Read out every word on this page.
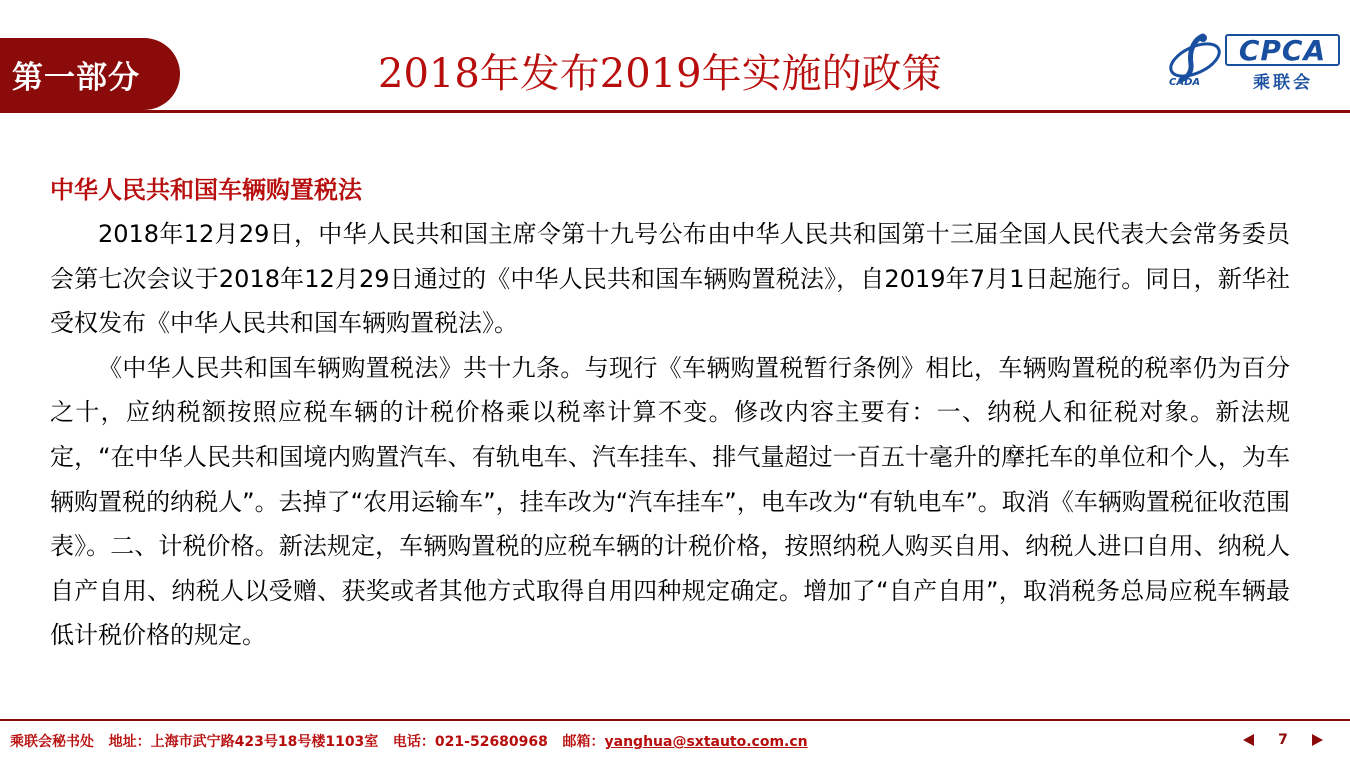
第一部分	2018年发布2019年实施的政策
CPCA
乘联会
CADA
中华人民共和国车辆购置税法

2018年12月29日，中华人民共和国主席令第十九号公布由中华人民共和国第十三届全国人民代表大会常务委员会第七次会议于2018年12月29日通过的《中华人民共和国车辆购置税法》，自2019年7月1日起施行。同日，新华社受权发布《中华人民共和国车辆购置税法》。

《中华人民共和国车辆购置税法》共十九条。与现行《车辆购置税暂行条例》相比，车辆购置税的税率仍为百分之十，应纳税额按照应税车辆的计税价格乘以税率计算不变。修改内容主要有：一、纳税人和征税对象。新法规定，“在中华人民共和国境内购置汽车、有轨电车、汽车挂车、排气量超过一百五十毫升的摩托车的单位和个人，为车辆购置税的纳税人”。去掉了“农用运输车”，挂车改为“汽车挂车”，电车改为“有轨电车”。取消《车辆购置税征收范围表》。二、计税价格。新法规定，车辆购置税的应税车辆的计税价格，按照纳税人购买自用、纳税人进口自用、纳税人自产自用、纳税人以受赠、获奖或者其他方式取得自用四种规定确定。增加了“自产自用”，取消税务总局应税车辆最低计税价格的规定。

乘联会秘书处 地址：上海市武宁路423号18号楼1103室 电话：021-52680968 邮箱：yanghua@sxtauto.com.cn	7
